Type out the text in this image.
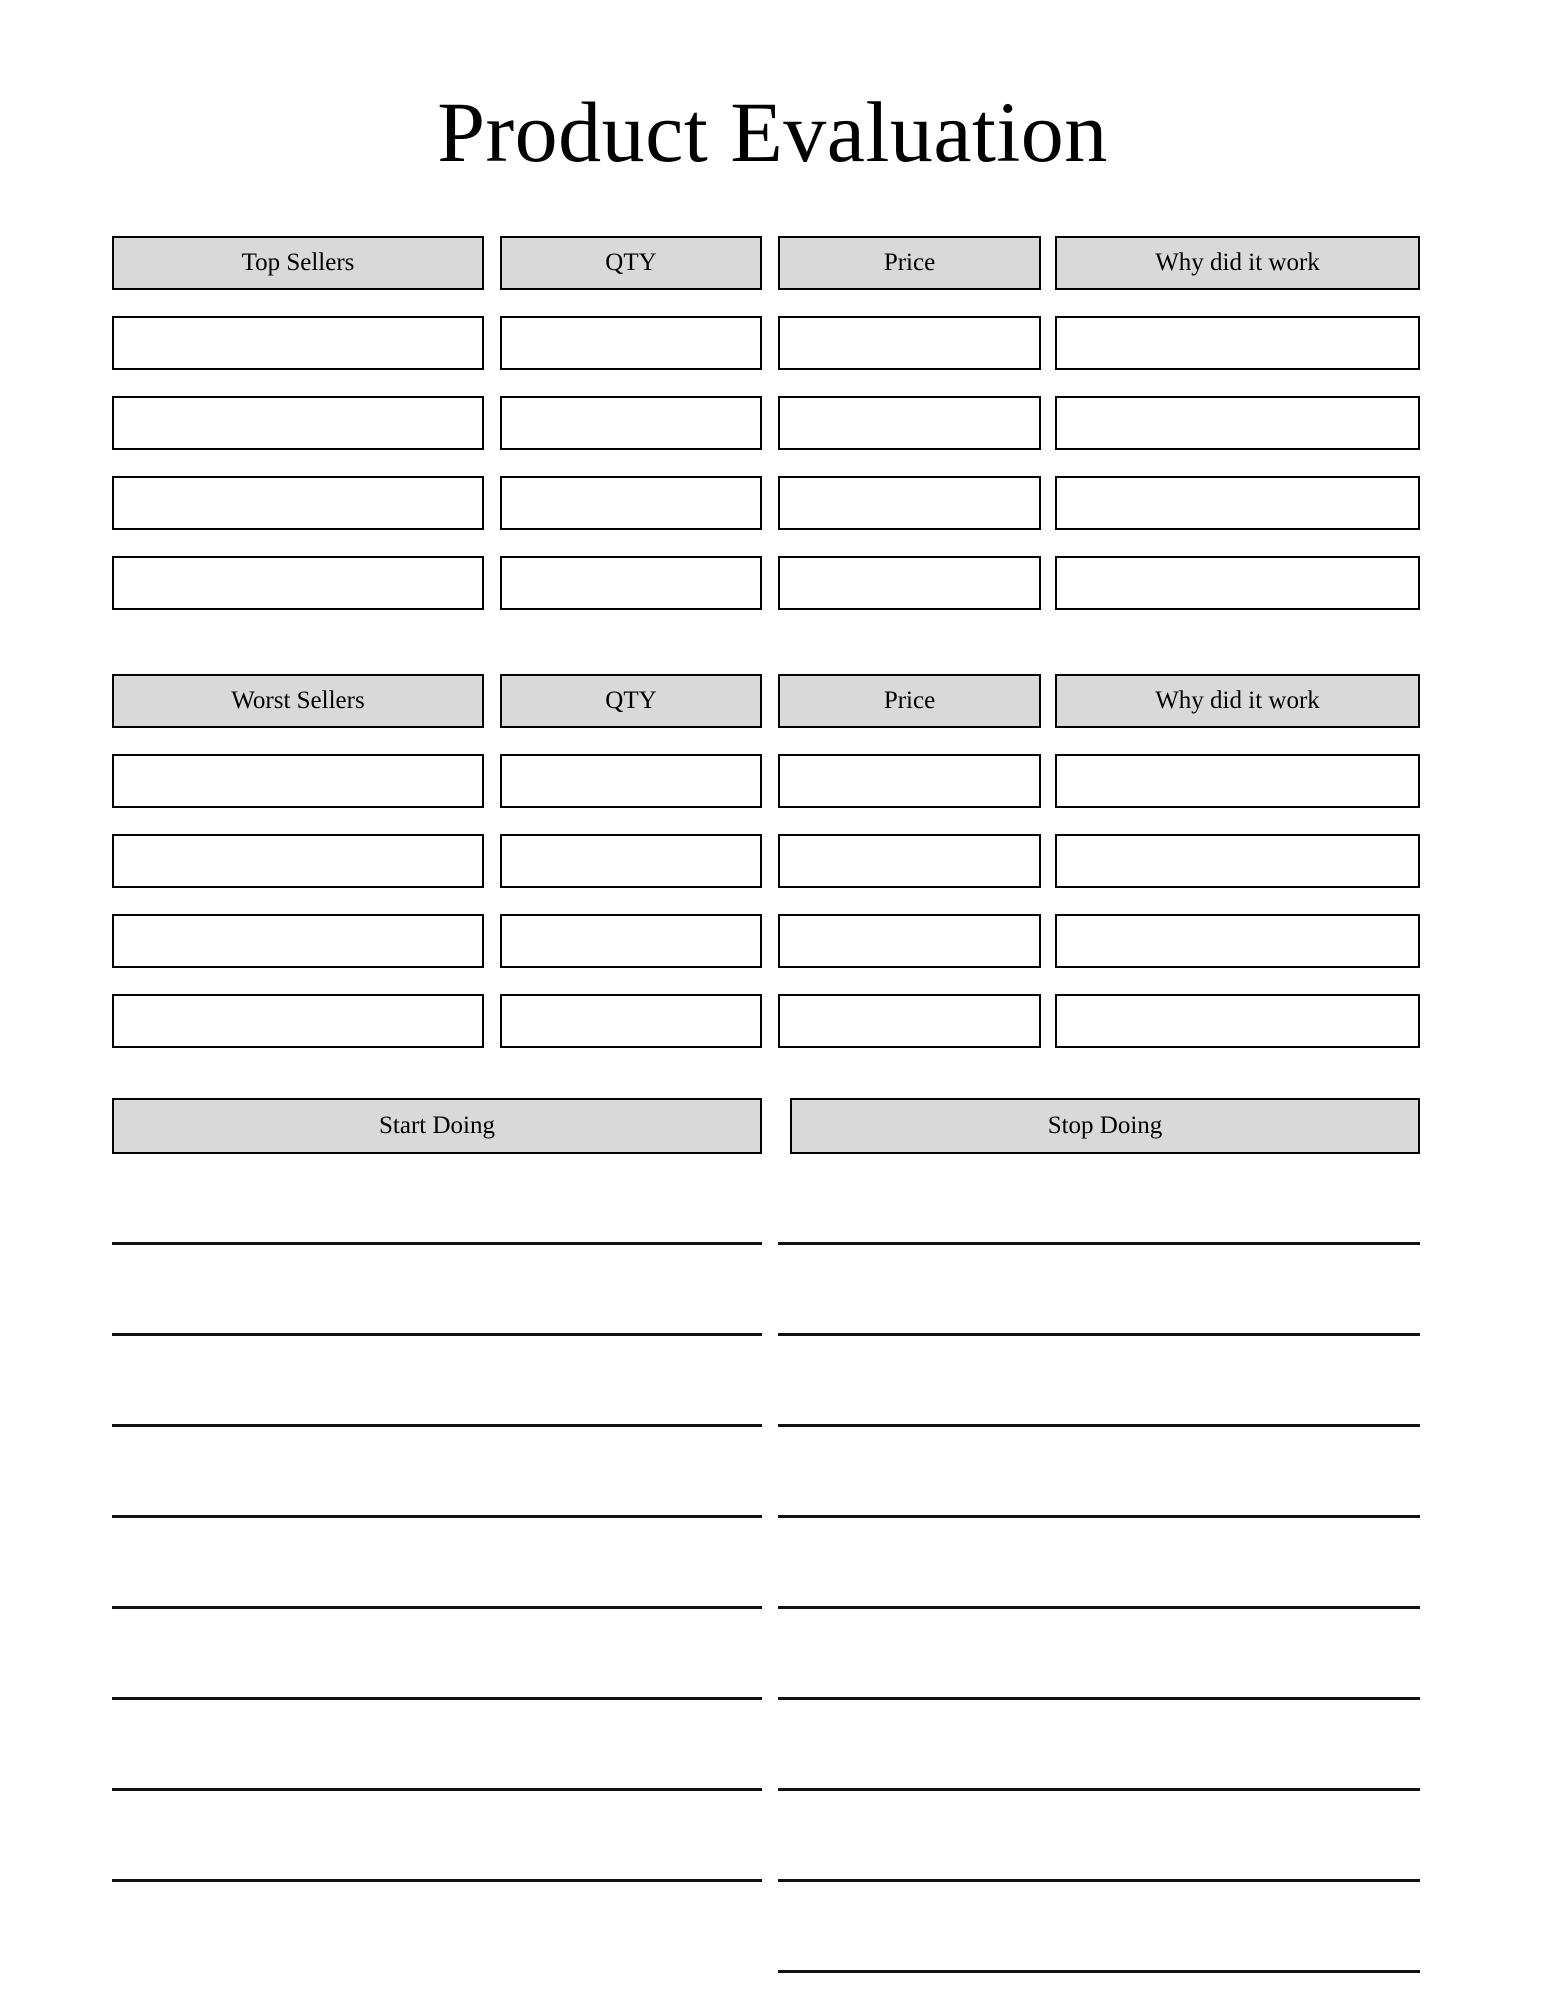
Product Evaluation
Top Sellers	QTY	Price	Why did it work
Worst Sellers	QTY	Price	Why did it work
Start Doing	Stop Doing
